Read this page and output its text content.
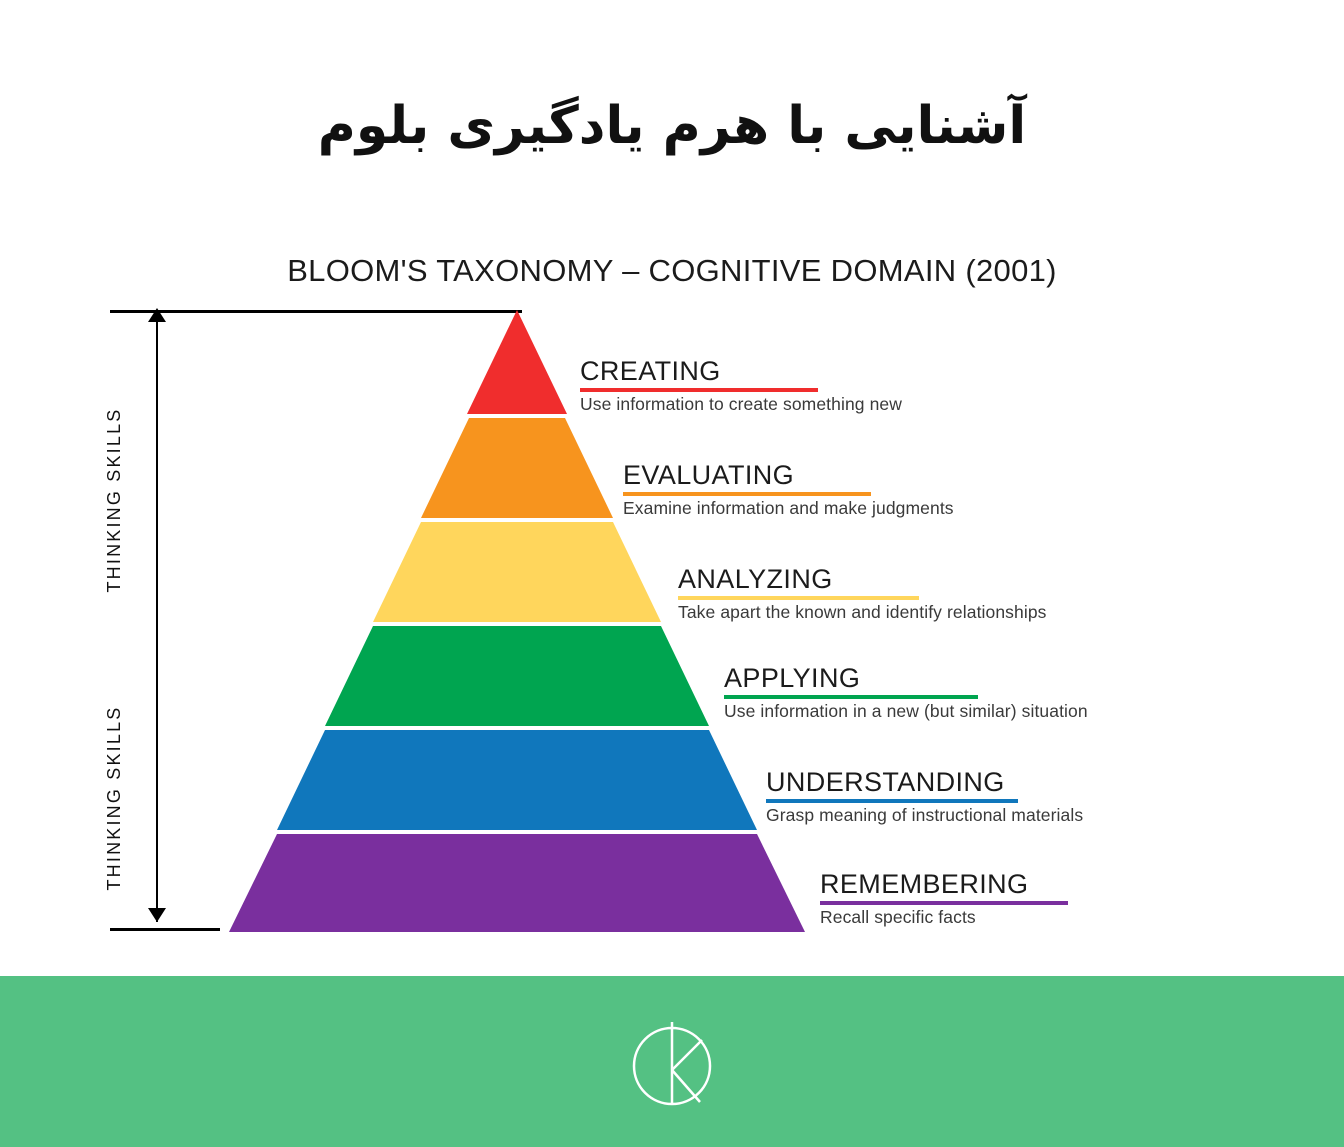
آشنایی با هرم یادگیری بلوم
BLOOM'S TAXONOMY – COGNITIVE DOMAIN (2001)
THINKING SKILLS
THINKING SKILLS
CREATING
Use information to create something new
EVALUATING
Examine information and make judgments
ANALYZING
Take apart the known and identify relationships
APPLYING
Use information in a new (but similar) situation
UNDERSTANDING
Grasp meaning of instructional materials
REMEMBERING
Recall specific facts
